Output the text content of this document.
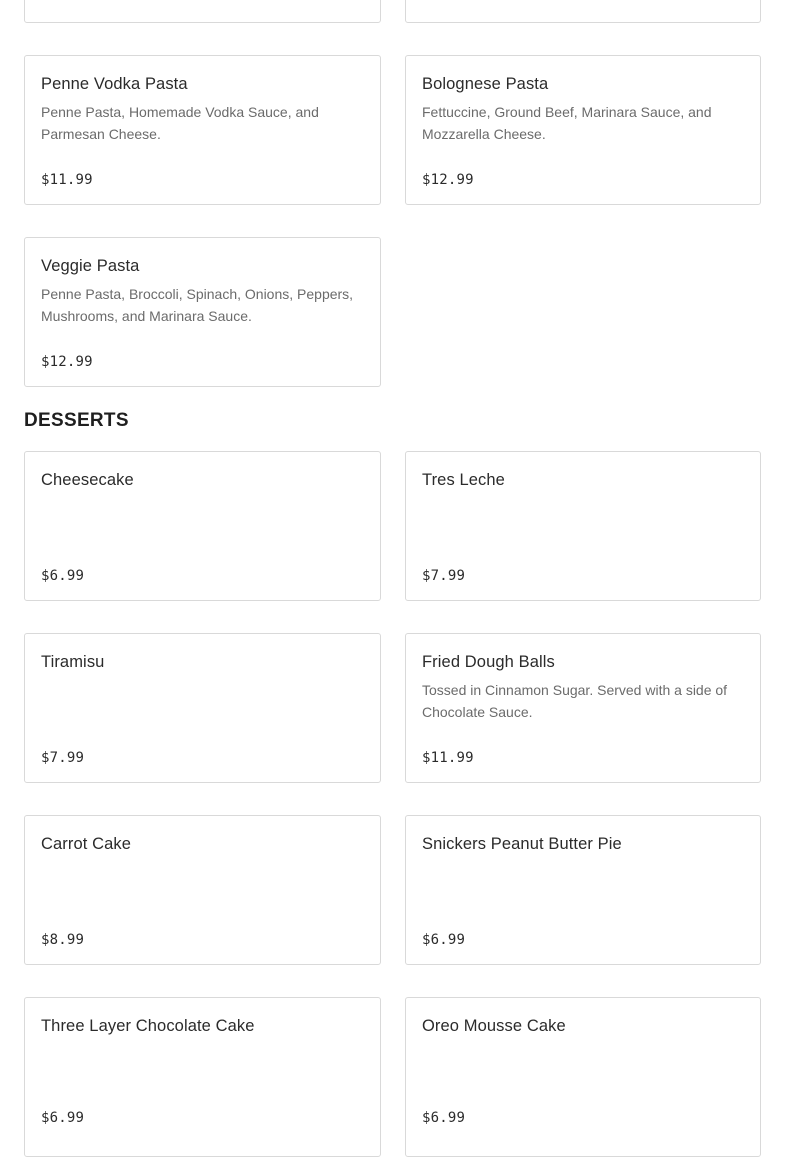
Penne Vodka Pasta
Penne Pasta, Homemade Vodka Sauce, and Parmesan Cheese.
$11.99
Bolognese Pasta
Fettuccine, Ground Beef, Marinara Sauce, and Mozzarella Cheese.
$12.99
Veggie Pasta
Penne Pasta, Broccoli, Spinach, Onions, Peppers, Mushrooms, and Marinara Sauce.
$12.99
DESSERTS
Cheesecake
$6.99
Tres Leche
$7.99
Tiramisu
$7.99
Fried Dough Balls
Tossed in Cinnamon Sugar. Served with a side of Chocolate Sauce.
$11.99
Carrot Cake
$8.99
Snickers Peanut Butter Pie
$6.99
Three Layer Chocolate Cake
$6.99
Oreo Mousse Cake
$6.99
